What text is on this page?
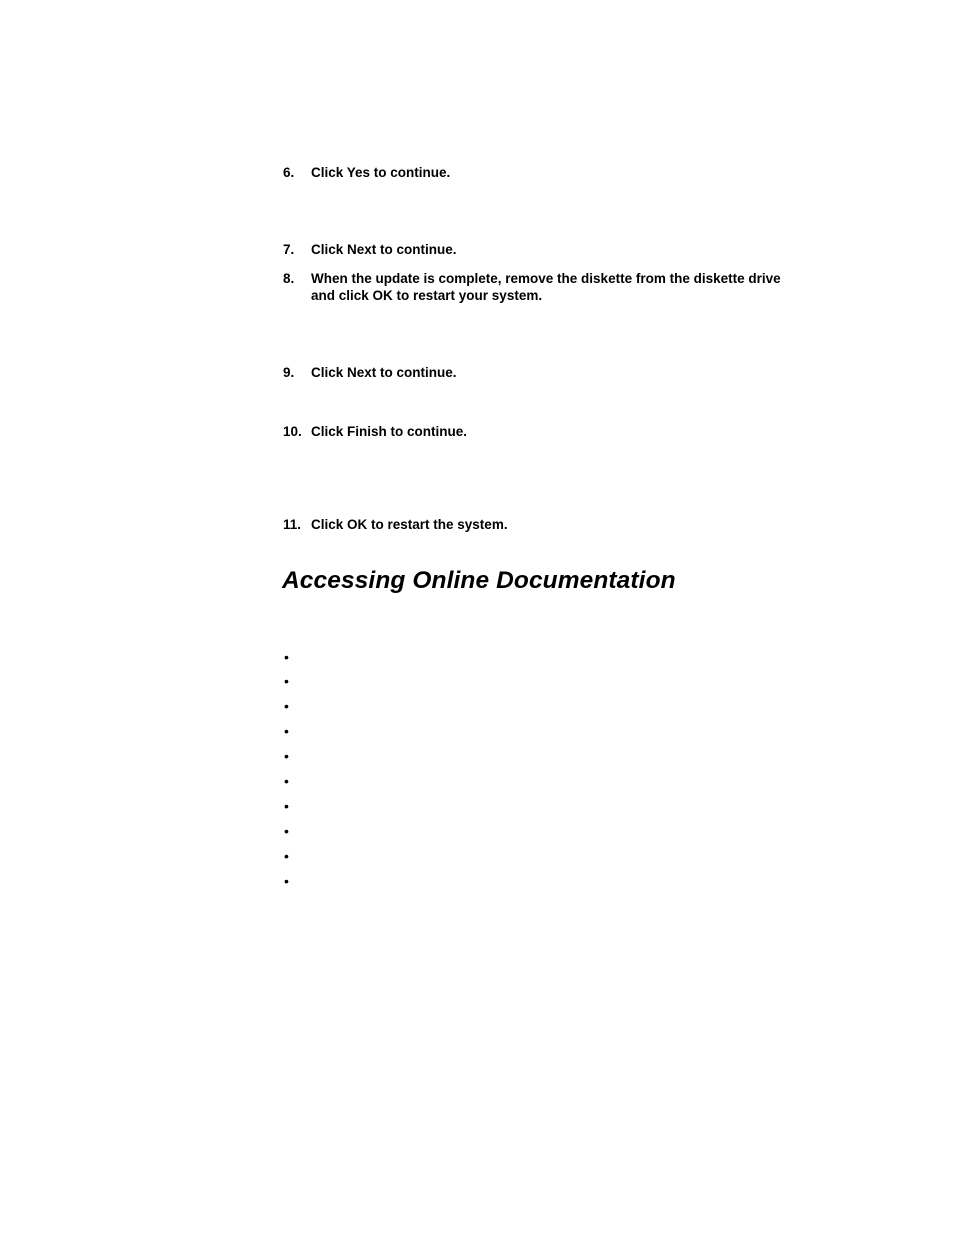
6. Click Yes to continue.
7. Click Next to continue.
8. When the update is complete, remove the diskette from the diskette drive and click OK to restart your system.
9. Click Next to continue.
10. Click Finish to continue.
11. Click OK to restart the system.
Accessing Online Documentation
•
•
•
•
•
•
•
•
•
•
